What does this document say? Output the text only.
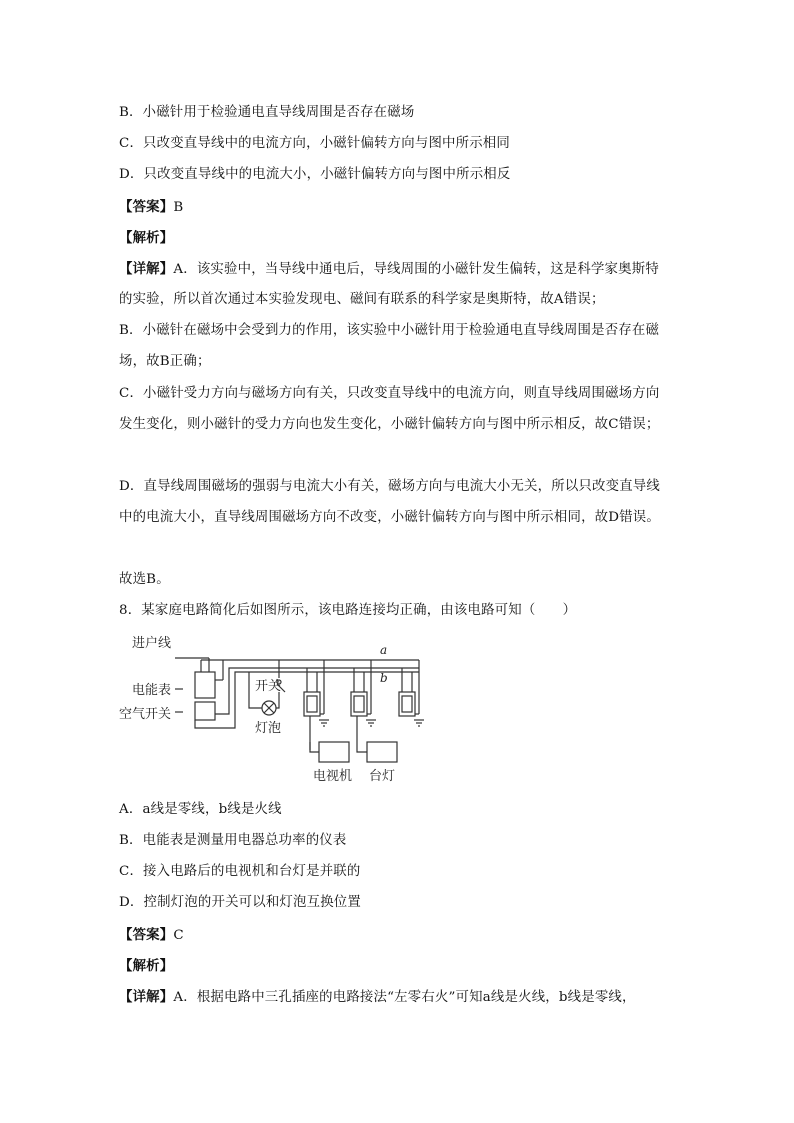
B．小磁针用于检验通电直导线周围是否存在磁场
C．只改变直导线中的电流方向，小磁针偏转方向与图中所示相同
D．只改变直导线中的电流大小，小磁针偏转方向与图中所示相反
【答案】B
【解析】
【详解】A．该实验中，当导线中通电后，导线周围的小磁针发生偏转，这是科学家奥斯特
的实验，所以首次通过本实验发现电、磁间有联系的科学家是奥斯特，故A错误；
B．小磁针在磁场中会受到力的作用，该实验中小磁针用于检验通电直导线周围是否存在磁
场，故B正确；
C．小磁针受力方向与磁场方向有关，只改变直导线中的电流方向，则直导线周围磁场方向
发生变化，则小磁针的受力方向也发生变化，小磁针偏转方向与图中所示相反，故C错误；
D．直导线周围磁场的强弱与电流大小有关，磁场方向与电流大小无关，所以只改变直导线
中的电流大小，直导线周围磁场方向不改变，小磁针偏转方向与图中所示相同，故D错误。
故选B。
8．某家庭电路简化后如图所示，该电路连接均正确，由该电路可知（　　）
进户线
电能表
空气开关
开关
灯泡
电视机 台灯
a
b
A．a线是零线，b线是火线
B．电能表是测量用电器总功率的仪表
C．接入电路后的电视机和台灯是并联的
D．控制灯泡的开关可以和灯泡互换位置
【答案】C
【解析】
【详解】A．根据电路中三孔插座的电路接法“左零右火”可知a线是火线，b线是零线，
